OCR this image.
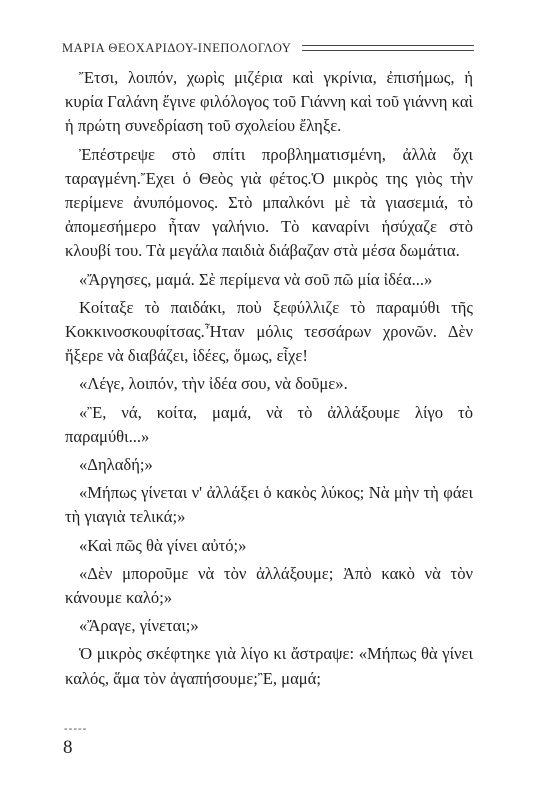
ΜΑΡΙΑ ΘΕΟΧΑΡΙΔΟΥ-ΙΝΕΠΟΛΟΓΛΟΥ

Ἔτσι, λοιπόν, χωρὶς μιζέρια καὶ γκρίνια, ἐπισήμως, ἡ κυρία Γαλάνη ἔγινε φιλόλογος τοῦ Γιάννη καὶ τοῦ γιάννη καὶ ἡ πρώτη συνεδρίαση τοῦ σχολείου ἔληξε.

Ἐπέστρεψε στὸ σπίτι προβληματισμένη, ἀλλὰ ὄχι ταραγμένη.Ἔχει ὁ Θεὸς γιὰ φέτος.Ὁ μικρὸς της γιὸς τὴν περίμενε ἀνυπόμονος. Στὸ μπαλκόνι μὲ τὰ γιασεμιά, τὸ ἀπομεσήμερο ἦταν γαλήνιο. Τὸ καναρίνι ἡσύχαζε στὸ κλουβί του. Τὰ μεγάλα παιδιὰ διάβαζαν στὰ μέσα δωμάτια.

«Ἄργησες, μαμά. Σὲ περίμενα νὰ σοῦ πῶ μία ἰδέα...»

Κοίταξε τὸ παιδάκι, ποὺ ξεφύλλιζε τὸ παραμύθι τῆς Κοκκινοσκουφίτσας.Ἦταν μόλις τεσσάρων χρονῶν. Δὲν ἤξερε νὰ διαβάζει, ἰδέες, ὅμως, εἶχε!

«Λέγε, λοιπόν, τὴν ἰδέα σου, νὰ δοῦμε».

«Ἒ, νά, κοίτα, μαμά, νὰ τὸ ἀλλάξουμε λίγο τὸ παραμύθι...»

«Δηλαδή;»

«Μήπως γίνεται ν' ἀλλάξει ὁ κακὸς λύκος; Νὰ μὴν τὴ φάει τὴ γιαγιὰ τελικά;»

«Καὶ πῶς θὰ γίνει αὐτό;»

«Δὲν μποροῦμε νὰ τὸν ἀλλάξουμε; Ἀπὸ κακὸ νὰ τὸν κάνουμε καλό;»

«Ἄραγε, γίνεται;»

Ὁ μικρὸς σκέφτηκε γιὰ λίγο κι ἄστραψε: «Μήπως θὰ γίνει καλός, ἅμα τὸν ἀγαπήσουμε;Ἒ, μαμά;

-----
8
